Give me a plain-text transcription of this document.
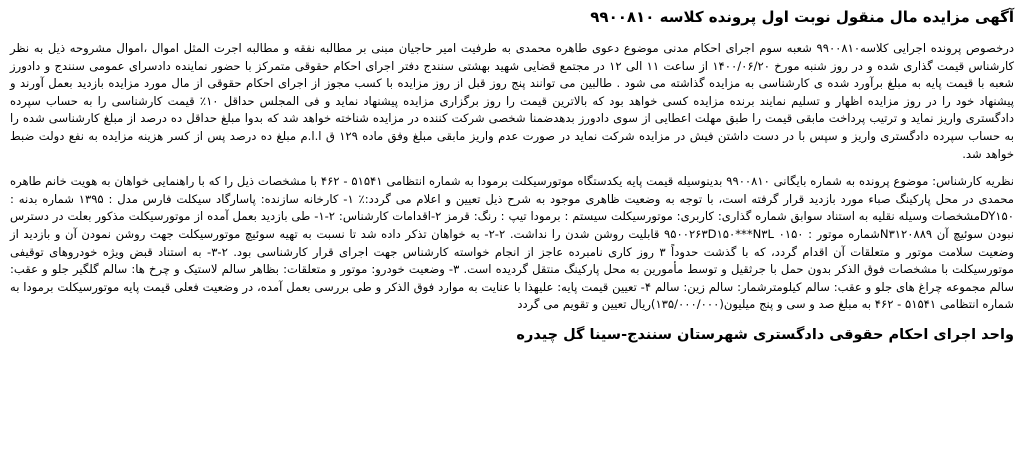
آگهی مزایده مال منقول نوبت اول پرونده کلاسه ۹۹۰۰۸۱۰

درخصوص پرونده اجرایی کلاسه۹۹۰۰۸۱۰ شعبه سوم اجرای احکام مدنی موضوع دعوی طاهره محمدی به طرفیت امیر حاجیان مبنی بر مطالبه نفقه و مطالبه اجرت المثل اموال ،اموال مشروحه ذیل به نظر کارشناس قیمت گذاری شده و در روز شنبه مورخ ۱۴۰۰/۰۶/۲۰ از ساعت ۱۱ الی ۱۲ در مجتمع قضایی شهید بهشتی سنندج دفتر اجرای احکام حقوقی متمرکز با حضور نماینده دادسرای عمومی سنندج و دادورز شعبه با قیمت پایه به مبلغ برآورد شده ی کارشناسی به مزایده گذاشته می شود . طالبین می توانند پنج روز قبل از روز مزایده با کسب مجوز از اجرای احکام حقوقی از مال مورد مزایده بازدید بعمل آورند و پیشنهاد خود را در روز مزایده اظهار و تسلیم نمایند برنده مزایده کسی خواهد بود که بالاترین قیمت را روز برگزاری مزایده پیشنهاد نماید و فی المجلس حداقل ۱۰٪ قیمت کارشناسی را به حساب سپرده دادگستری واریز نماید و ترتیب پرداخت مابقی قیمت را طبق مهلت اعطایی از سوی دادورز بدهدضمنا شخصی شرکت کننده در مزایده شناخته خواهد شد که بدوا مبلغ حداقل ده درصد از مبلغ کارشناسی شده را به حساب سپرده دادگستری واریز و سپس با در دست داشتن فیش در مزایده شرکت نماید در صورت عدم واریز مابقی مبلغ وفق ماده ۱۲۹ ق ا.ا.م مبلغ ده درصد پس از کسر هزینه مزایده به نفع دولت ضبط خواهد شد.

نظریه کارشناس: موضوع پرونده به شماره بایگانی ۹۹۰۰۸۱۰ بدینوسیله قیمت پایه یکدستگاه موتورسیکلت برمودا به شماره انتظامی ۵۱۵۴۱ - ۴۶۲ با مشخصات ذیل را که با راهنمایی خواهان به هویت خانم طاهره محمدی در محل پارکینگ صباء مورد بازدید قرار گرفته است، با توجه به وضعیت ظاهری موجود به شرح ذیل تعیین و اعلام می گردد:٪ ۱- کارخانه سازنده: پاسارگاد سیکلت فارس مدل : ۱۳۹۵ شماره بدنه : DY۱۵۰مشخصات وسیله نقلیه به استناد سوابق شماره گذاری: کاربری: موتورسیکلت سیستم : برمودا تیپ : رنگ: قرمز ۲-اقدامات کارشناس: ۲-۱- طی بازدید بعمل آمده از موتورسیکلت مذکور بعلت در دسترس نبودن سوئیچ آن N۳۱۲۰۸۸۹شماره موتور : ۰۱۵۰ ۹۵۰۰۲۶۳D۱۵۰***N۳L قابلیت روشن شدن را نداشت. ۲-۲- به خواهان تذکر داده شد تا نسبت به تهیه سوئیچ موتورسیکلت جهت روشن نمودن آن و بازدید از وضعیت سلامت موتور و متعلقات آن اقدام گردد، که با گذشت حدوداً ۳ روز کاری نامبرده عاجز از انجام خواسته کارشناس جهت اجرای قرار کارشناسی بود. ۲-۳- به استناد قبض ویژه خودروهای توقیفی موتورسیکلت با مشخصات فوق الذکر بدون حمل با جرثقیل و توسط مأمورین به محل پارکینگ منتقل گردیده است. ۳- وضعیت خودرو: موتور و متعلقات: بظاهر سالم لاستیک و چرخ ها: سالم گلگیر جلو و عقب: سالم مجموعه چراغ های جلو و عقب: سالم کیلومترشمار: سالم زین: سالم ۴- تعیین قیمت پایه: علیهذا با عنایت به موارد فوق الذکر و طی بررسی بعمل آمده، در وضعیت فعلی قیمت پایه موتورسیکلت برمودا به شماره انتظامی ۵۱۵۴۱ - ۴۶۲ به مبلغ صد و سی و پنج میلیون(۱۳۵/۰۰۰/۰۰۰)ریال تعیین و تقویم می گردد

واحد اجرای احکام حقوقی دادگستری شهرستان سنندج-سینا گل چیدره
